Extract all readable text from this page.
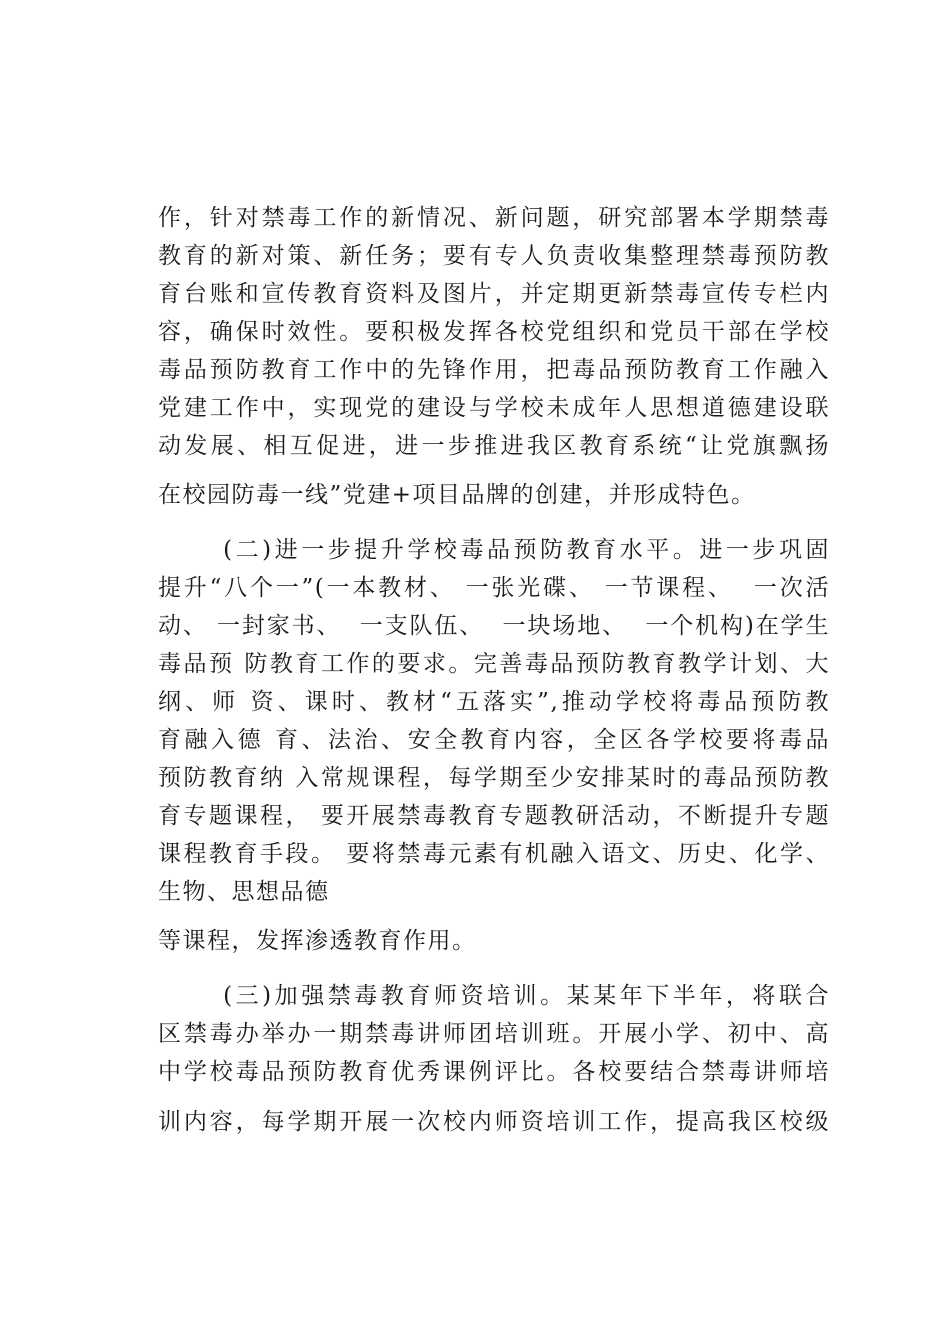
作，针对禁毒工作的新情况、新问题，研究部署本学期禁毒
教育的新对策、新任务；要有专人负责收集整理禁毒预防教
育台账和宣传教育资料及图片，并定期更新禁毒宣传专栏内
容，确保时效性。要积极发挥各校党组织和党员干部在学校
毒品预防教育工作中的先锋作用，把毒品预防教育工作融入
党建工作中，实现党的建设与学校未成年人思想道德建设联
动发展、相互促进，进一步推进我区教育系统“让党旗飘扬
在校园防毒一线”党建+项目品牌的创建，并形成特色。
(二)进一步提升学校毒品预防教育水平。进一步巩固
提升“八个一”(一本教材、 一张光碟、 一节课程、  一次活
动、 一封家书、  一支队伍、  一块场地、  一个机构)在学生
毒品预 防教育工作的要求。完善毒品预防教育教学计划、大
纲、师 资、课时、教材“五落实”,推动学校将毒品预防教
育融入德 育、法治、安全教育内容，全区各学校要将毒品
预防教育纳 入常规课程，每学期至少安排某时的毒品预防教
育专题课程， 要开展禁毒教育专题教研活动，不断提升专题
课程教育手段。 要将禁毒元素有机融入语文、历史、化学、
生物、思想品德
等课程，发挥渗透教育作用。
(三)加强禁毒教育师资培训。某某年下半年，将联合
区禁毒办举办一期禁毒讲师团培训班。开展小学、初中、高
中学校毒品预防教育优秀课例评比。各校要结合禁毒讲师培
训内容，每学期开展一次校内师资培训工作，提高我区校级
